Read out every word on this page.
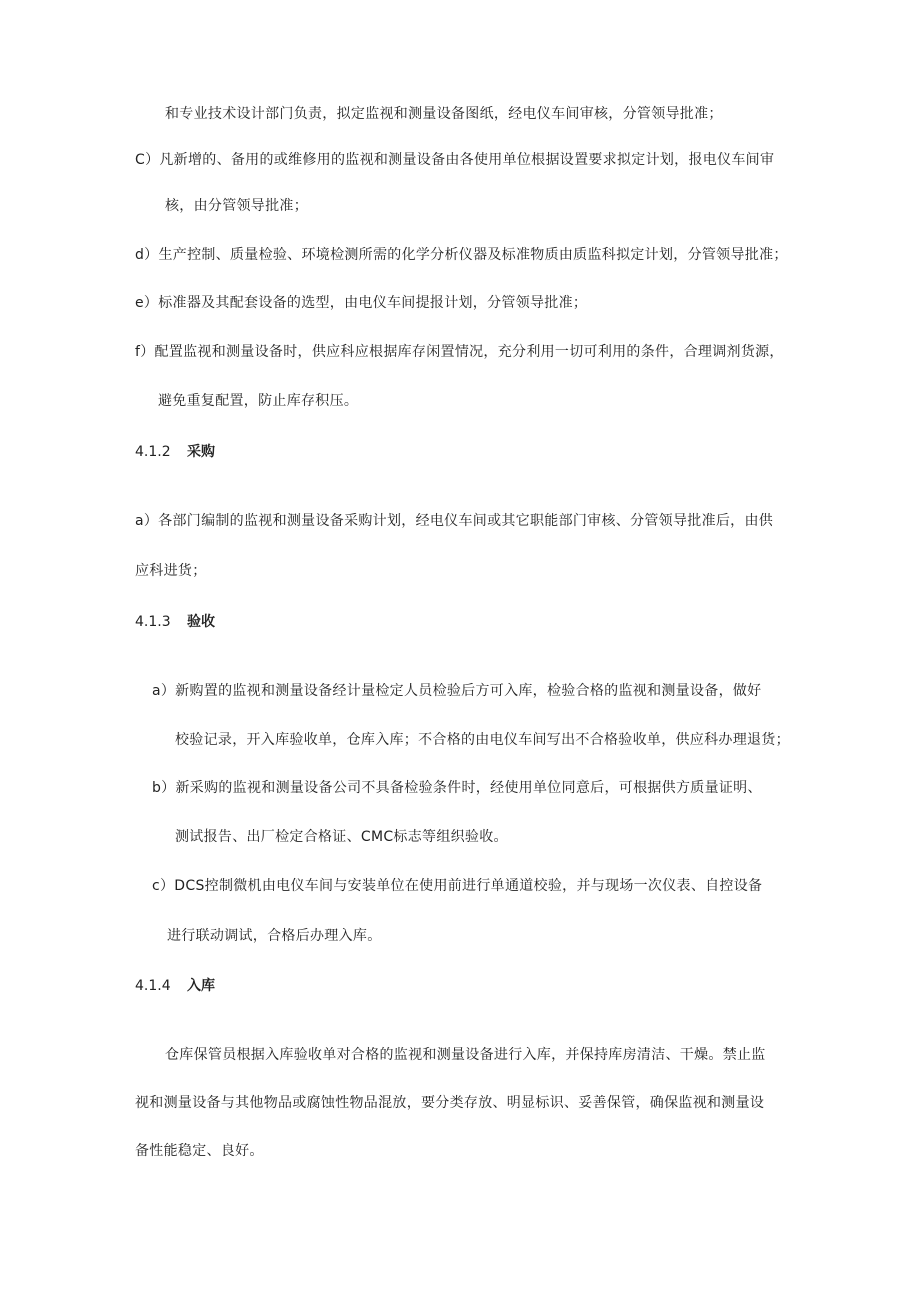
和专业技术设计部门负责，拟定监视和测量设备图纸，经电仪车间审核，分管领导批准；
C）凡新增的、备用的或维修用的监视和测量设备由各使用单位根据设置要求拟定计划，报电仪车间审
核，由分管领导批准；
d）生产控制、质量检验、环境检测所需的化学分析仪器及标准物质由质监科拟定计划，分管领导批准；
e）标准器及其配套设备的选型，由电仪车间提报计划，分管领导批准；
f）配置监视和测量设备时，供应科应根据库存闲置情况，充分利用一切可利用的条件，合理调剂货源，
避免重复配置，防止库存积压。
4.1.2 采购
a）各部门编制的监视和测量设备采购计划，经电仪车间或其它职能部门审核、分管领导批准后，由供
应科进货；
4.1.3 验收
a）新购置的监视和测量设备经计量检定人员检验后方可入库，检验合格的监视和测量设备，做好
校验记录，开入库验收单，仓库入库；不合格的由电仪车间写出不合格验收单，供应科办理退货；
b）新采购的监视和测量设备公司不具备检验条件时，经使用单位同意后，可根据供方质量证明、
测试报告、出厂检定合格证、CMC标志等组织验收。
c）DCS控制微机由电仪车间与安装单位在使用前进行单通道校验，并与现场一次仪表、自控设备
进行联动调试，合格后办理入库。
4.1.4 入库
仓库保管员根据入库验收单对合格的监视和测量设备进行入库，并保持库房清洁、干燥。禁止监
视和测量设备与其他物品或腐蚀性物品混放，要分类存放、明显标识、妥善保管，确保监视和测量设
备性能稳定、良好。
